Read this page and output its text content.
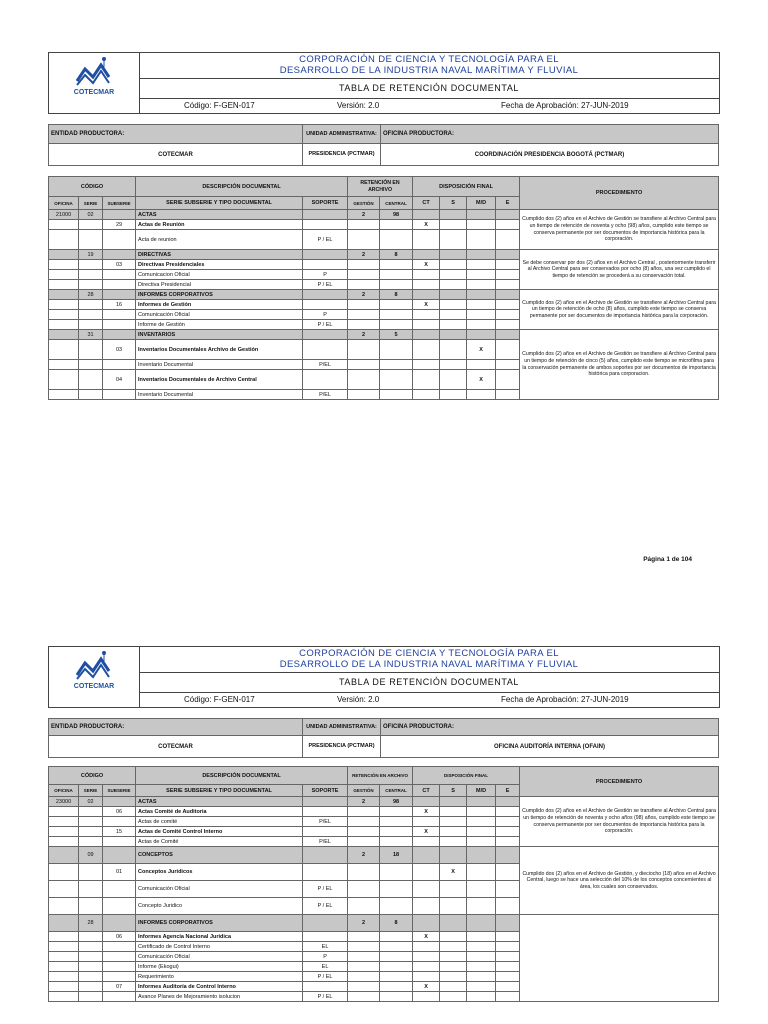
COTECMAR
CORPORACIÓN DE CIENCIA Y TECNOLOGÍA PARA EL
DESARROLLO DE LA INDUSTRIA NAVAL MARÍTIMA Y FLUVIAL
TABLA DE RETENCIÓN DOCUMENTAL
Código: F-GEN-017	Versión: 2.0	Fecha de Aprobación: 27-JUN-2019
ENTIDAD PRODUCTORA:	UNIDAD ADMINISTRATIVA:	OFICINA PRODUCTORA:
COTECMAR	PRESIDENCIA (PCTMAR)	COORDINACIÓN PRESIDENCIA BOGOTÁ (PCTMAR)
CÓDIGO			DESCRIPCIÓN DOCUMENTAL		RETENCIÓN EN ARCHIVO		DISPOSICIÓN FINAL				PROCEDIMIENTO
OFICINA	SERIE	SUBSERIE	SERIE SUBSERIE Y TIPO DOCUMENTAL	SOPORTE	GESTIÓN	CENTRAL	CT	S	M/D	E	
21000	02		ACTAS		2	98					Cumplido dos (2) años en el Archivo de Gestión se transfiere al Archivo Central para un tiempo de retención de noventa y ocho (98) años, cumplido este tiempo se conserva permanente por ser documentos de importancia histórica para la corporación.
		29	Actas de Reunión				X				
			Acta de reunion	P / EL							
	19		DIRECTIVAS		2	8					Se debe conservar por dos (2) años en el Archivo Central , posteriormente transferir al Archivo Central para ser conservados por ocho (8) años, una vez cumplido el tiempo de retención se procederá a su conservación total.
		03	Directivas Presidenciales				X				
			Comunicacion Oficial	P							
			Directiva Presidencial	P / EL							
	28		INFORMES CORPORATIVOS		2	8					Cumplido dos (2) años en el Archivo de Gestión se transfiere al Archivo Central para un tiempo de retención de ocho (8) años, cumplido este tiempo se conserva permanente por ser documentos de importancia histórica para la corporación.
		16	Informes de Gestión				X				
			Comunicación Oficial	P							
			Informe de Gestión	P / EL							
	31		INVENTARIOS		2	5					Cumplido dos (2) años en el Archivo de Gestión se transfiere al Archivo Central para un tiempo de retención de cinco (5) años, cumplido este tiempo se microfilma para la conservación permanente de ambos soportes por ser documentos de importancia histórica para corporacion.
		03	Inventarios Documentales Archivo de Gestión						X		
			Inventario Documental	P/EL							
		04	Inventarios Documentales de Archivo Central						X		
			Inventario Documental	P/EL							
Página 1 de 104
COTECMAR
CORPORACIÓN DE CIENCIA Y TECNOLOGÍA PARA EL
DESARROLLO DE LA INDUSTRIA NAVAL MARÍTIMA Y FLUVIAL
TABLA DE RETENCIÓN DOCUMENTAL
Código: F-GEN-017	Versión: 2.0	Fecha de Aprobación: 27-JUN-2019
ENTIDAD PRODUCTORA:	UNIDAD ADMINISTRATIVA:	OFICINA PRODUCTORA:
COTECMAR	PRESIDENCIA (PCTMAR)	OFICINA AUDITORÍA INTERNA (OFAIN)
CÓDIGO			DESCRIPCIÓN DOCUMENTAL		RETENCIÓN EN ARCHIVO		DISPOSICIÓN FINAL				PROCEDIMIENTO
OFICINA	SERIE	SUBSERIE	SERIE SUBSERIE Y TIPO DOCUMENTAL	SOPORTE	GESTIÓN	CENTRAL	CT	S	M/D	E	
23000	02		ACTAS		2	98					Cumplido dos (2) años en el Archivo de Gestión se transfiere al Archivo Central para un tiempo de retención de noventa y ocho años (98) años, cumplido este tiempo se conserva permanente por ser documentos de importancia histórica para la corporación.
		06	Actas Comité de Auditoria				X				
			Actas de comité	P/EL							
		15	Actas de Comité Control Interno				X				
			Actas de Comité	P/EL							
	09		CONCEPTOS		2	18					Cumplido dos (2) años en el Archivo de Gestión, y dieciocho (18) años en el Archivo Central, luego se hace una selección del 10% de los conceptos concernientes al área, los cuales son conservados.
		01	Conceptos Juridicos					X			
			Comunicación Oficial	P / EL							
			Concepto Juridico	P / EL							
	28		INFORMES CORPORATIVOS		2	8					
		06	Informes Agencia Nacional Juridica				X				
			Certificado de Control Interno	EL							
			Comunicación Oficial	P							
			Informe (Ekogui)	EL							
			Requerimiento	P / EL							
		07	Informes Auditoría de Control Interno				X				
			Avance Planes de Mejoramiento isolucion	P / EL							
